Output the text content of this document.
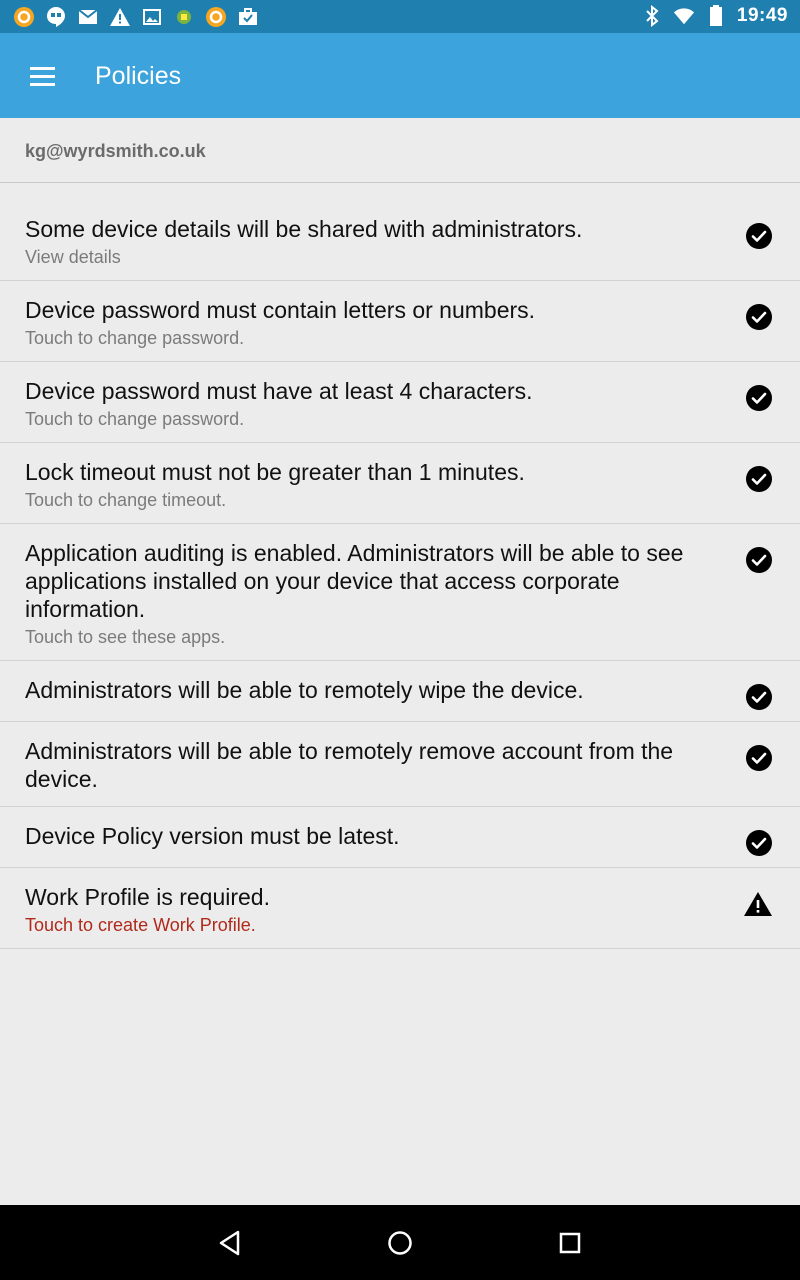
19:49
Policies
kg@wyrdsmith.co.uk
Some device details will be shared with administrators.
View details
Device password must contain letters or numbers.
Touch to change password.
Device password must have at least 4 characters.
Touch to change password.
Lock timeout must not be greater than 1 minutes.
Touch to change timeout.
Application auditing is enabled. Administrators will be able to see applications installed on your device that access corporate information.
Touch to see these apps.
Administrators will be able to remotely wipe the device.
Administrators will be able to remotely remove account from the device.
Device Policy version must be latest.
Work Profile is required.
Touch to create Work Profile.
